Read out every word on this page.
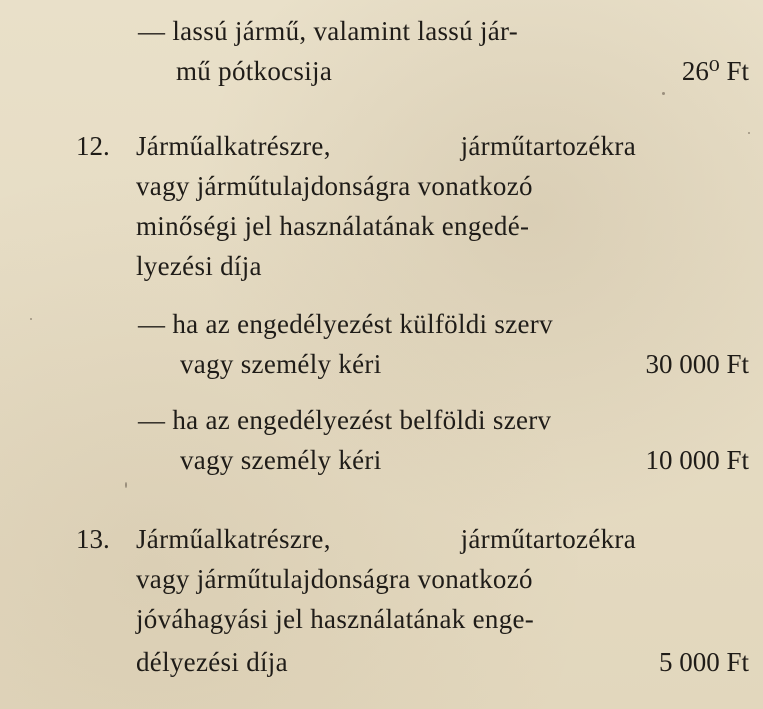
— lassú jármű, valamint lassú jár-
mű pótkocsija	26⁰ Ft
12. Járműalkatrészre,	járműtartozékra
vagy járműtulajdonságra vonatkozó
minőségi jel használatának engedé-
lyezési díja
— ha az engedélyezést külföldi szerv
vagy személy kéri	30 000 Ft
— ha az engedélyezést belföldi szerv
vagy személy kéri	10 000 Ft
13. Járműalkatrészre,	járműtartozékra
vagy járműtulajdonságra vonatkozó
jóváhagyási jel használatának enge-
délyezési díja	5 000 Ft
